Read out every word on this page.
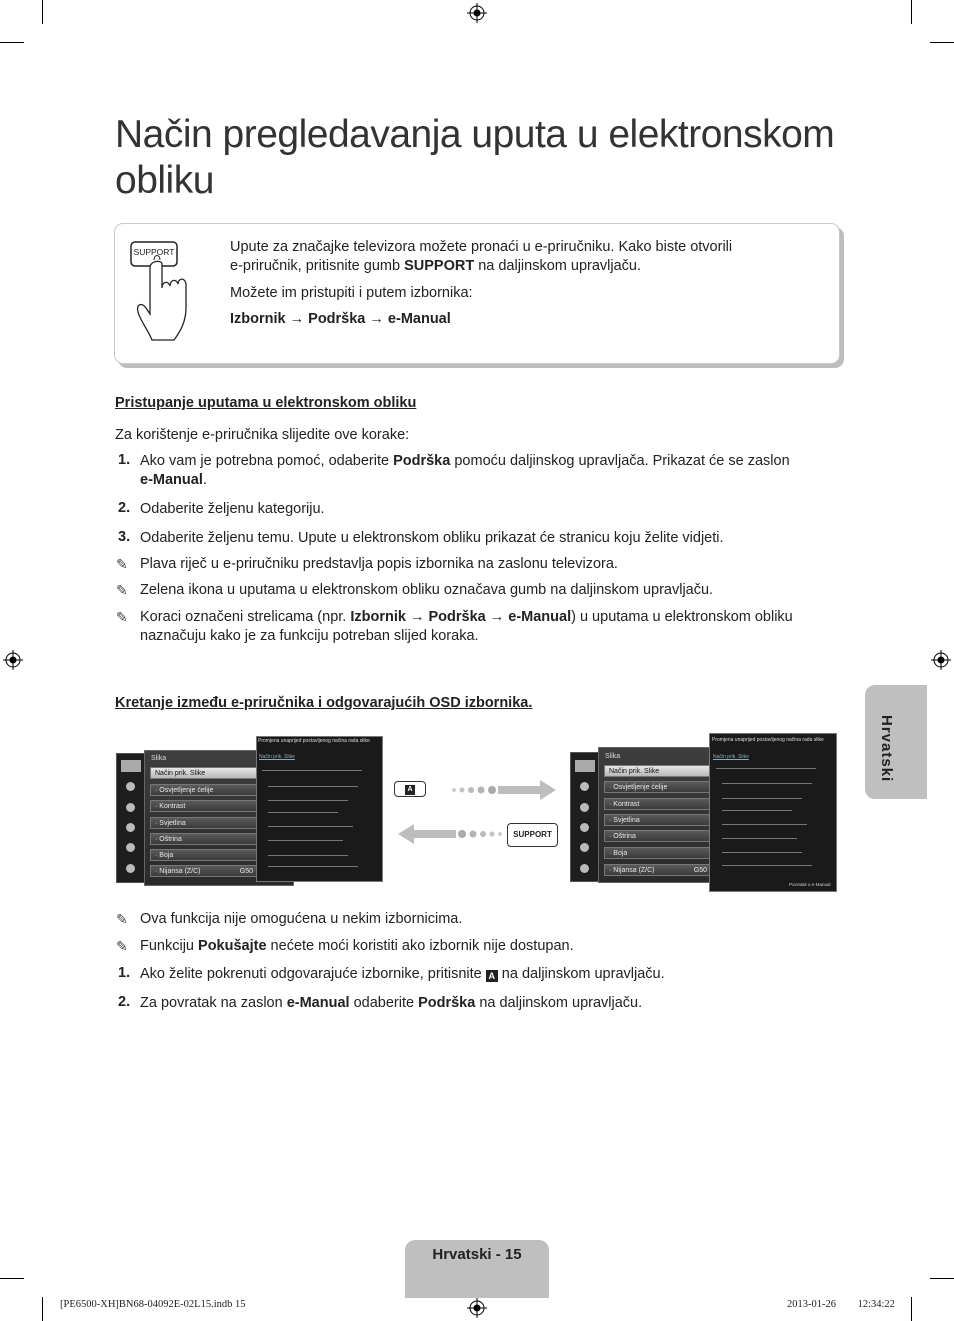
Način pregledavanja uputa u elektronskom obliku
SUPPORT	Upute za značajke televizora možete pronaći u e-priručniku. Kako biste otvorili
e-priručnik, pritisnite gumb SUPPORT na daljinskom upravljaču.
Možete im pristupiti i putem izbornika:
Izbornik → Podrška → e-Manual
Pristupanje uputama u elektronskom obliku
Za korištenje e-priručnika slijedite ove korake:
1. Ako vam je potrebna pomoć, odaberite Podrška pomoću daljinskog upravljača. Prikazat će se zaslon
e-Manual.
2. Odaberite željenu kategoriju.
3. Odaberite željenu temu. Upute u elektronskom obliku prikazat će stranicu koju želite vidjeti.
✎ Plava riječ u e-priručniku predstavlja popis izbornika na zaslonu televizora.
✎ Zelena ikona u uputama u elektronskom obliku označava gumb na daljinskom upravljaču.
✎ Koraci označeni strelicama (npr. Izbornik → Podrška → e-Manual) u uputama u elektronskom obliku
naznačuju kako je za funkciju potreban slijed koraka.
Hrvatski
Kretanje između e-priručnika i odgovarajućih OSD izbornika.
Slika
Način prik. Slike
· Osvjetljenje ćelije
· Kontrast
· Svjetlina
· Oštrina
· Boja
· Nijansa (Z/C)	G50
Promjena unaprijed postavljenog načina rada slike
Način prik. Slike
A
SUPPORT
Slika
Način prik. Slike
· Osvjetljenje ćelije
· Kontrast
· Svjetlina
· Oštrina
· Boja
· Nijansa (Z/C)	G50
Promjena unaprijed postavljenog načina rada slike
Način prik. Slike
Povratak u e-Manual
✎ Ova funkcija nije omogućena u nekim izbornicima.
✎ Funkciju Pokušajte nećete moći koristiti ako izbornik nije dostupan.
1. Ako želite pokrenuti odgovarajuće izbornike, pritisnite A na daljinskom upravljaču.
2. Za povratak na zaslon e-Manual odaberite Podrška na daljinskom upravljaču.
Hrvatski - 15
[PE6500-XH]BN68-04092E-02L15.indb 15	2013-01-26 ￿￿ 12:34:22
